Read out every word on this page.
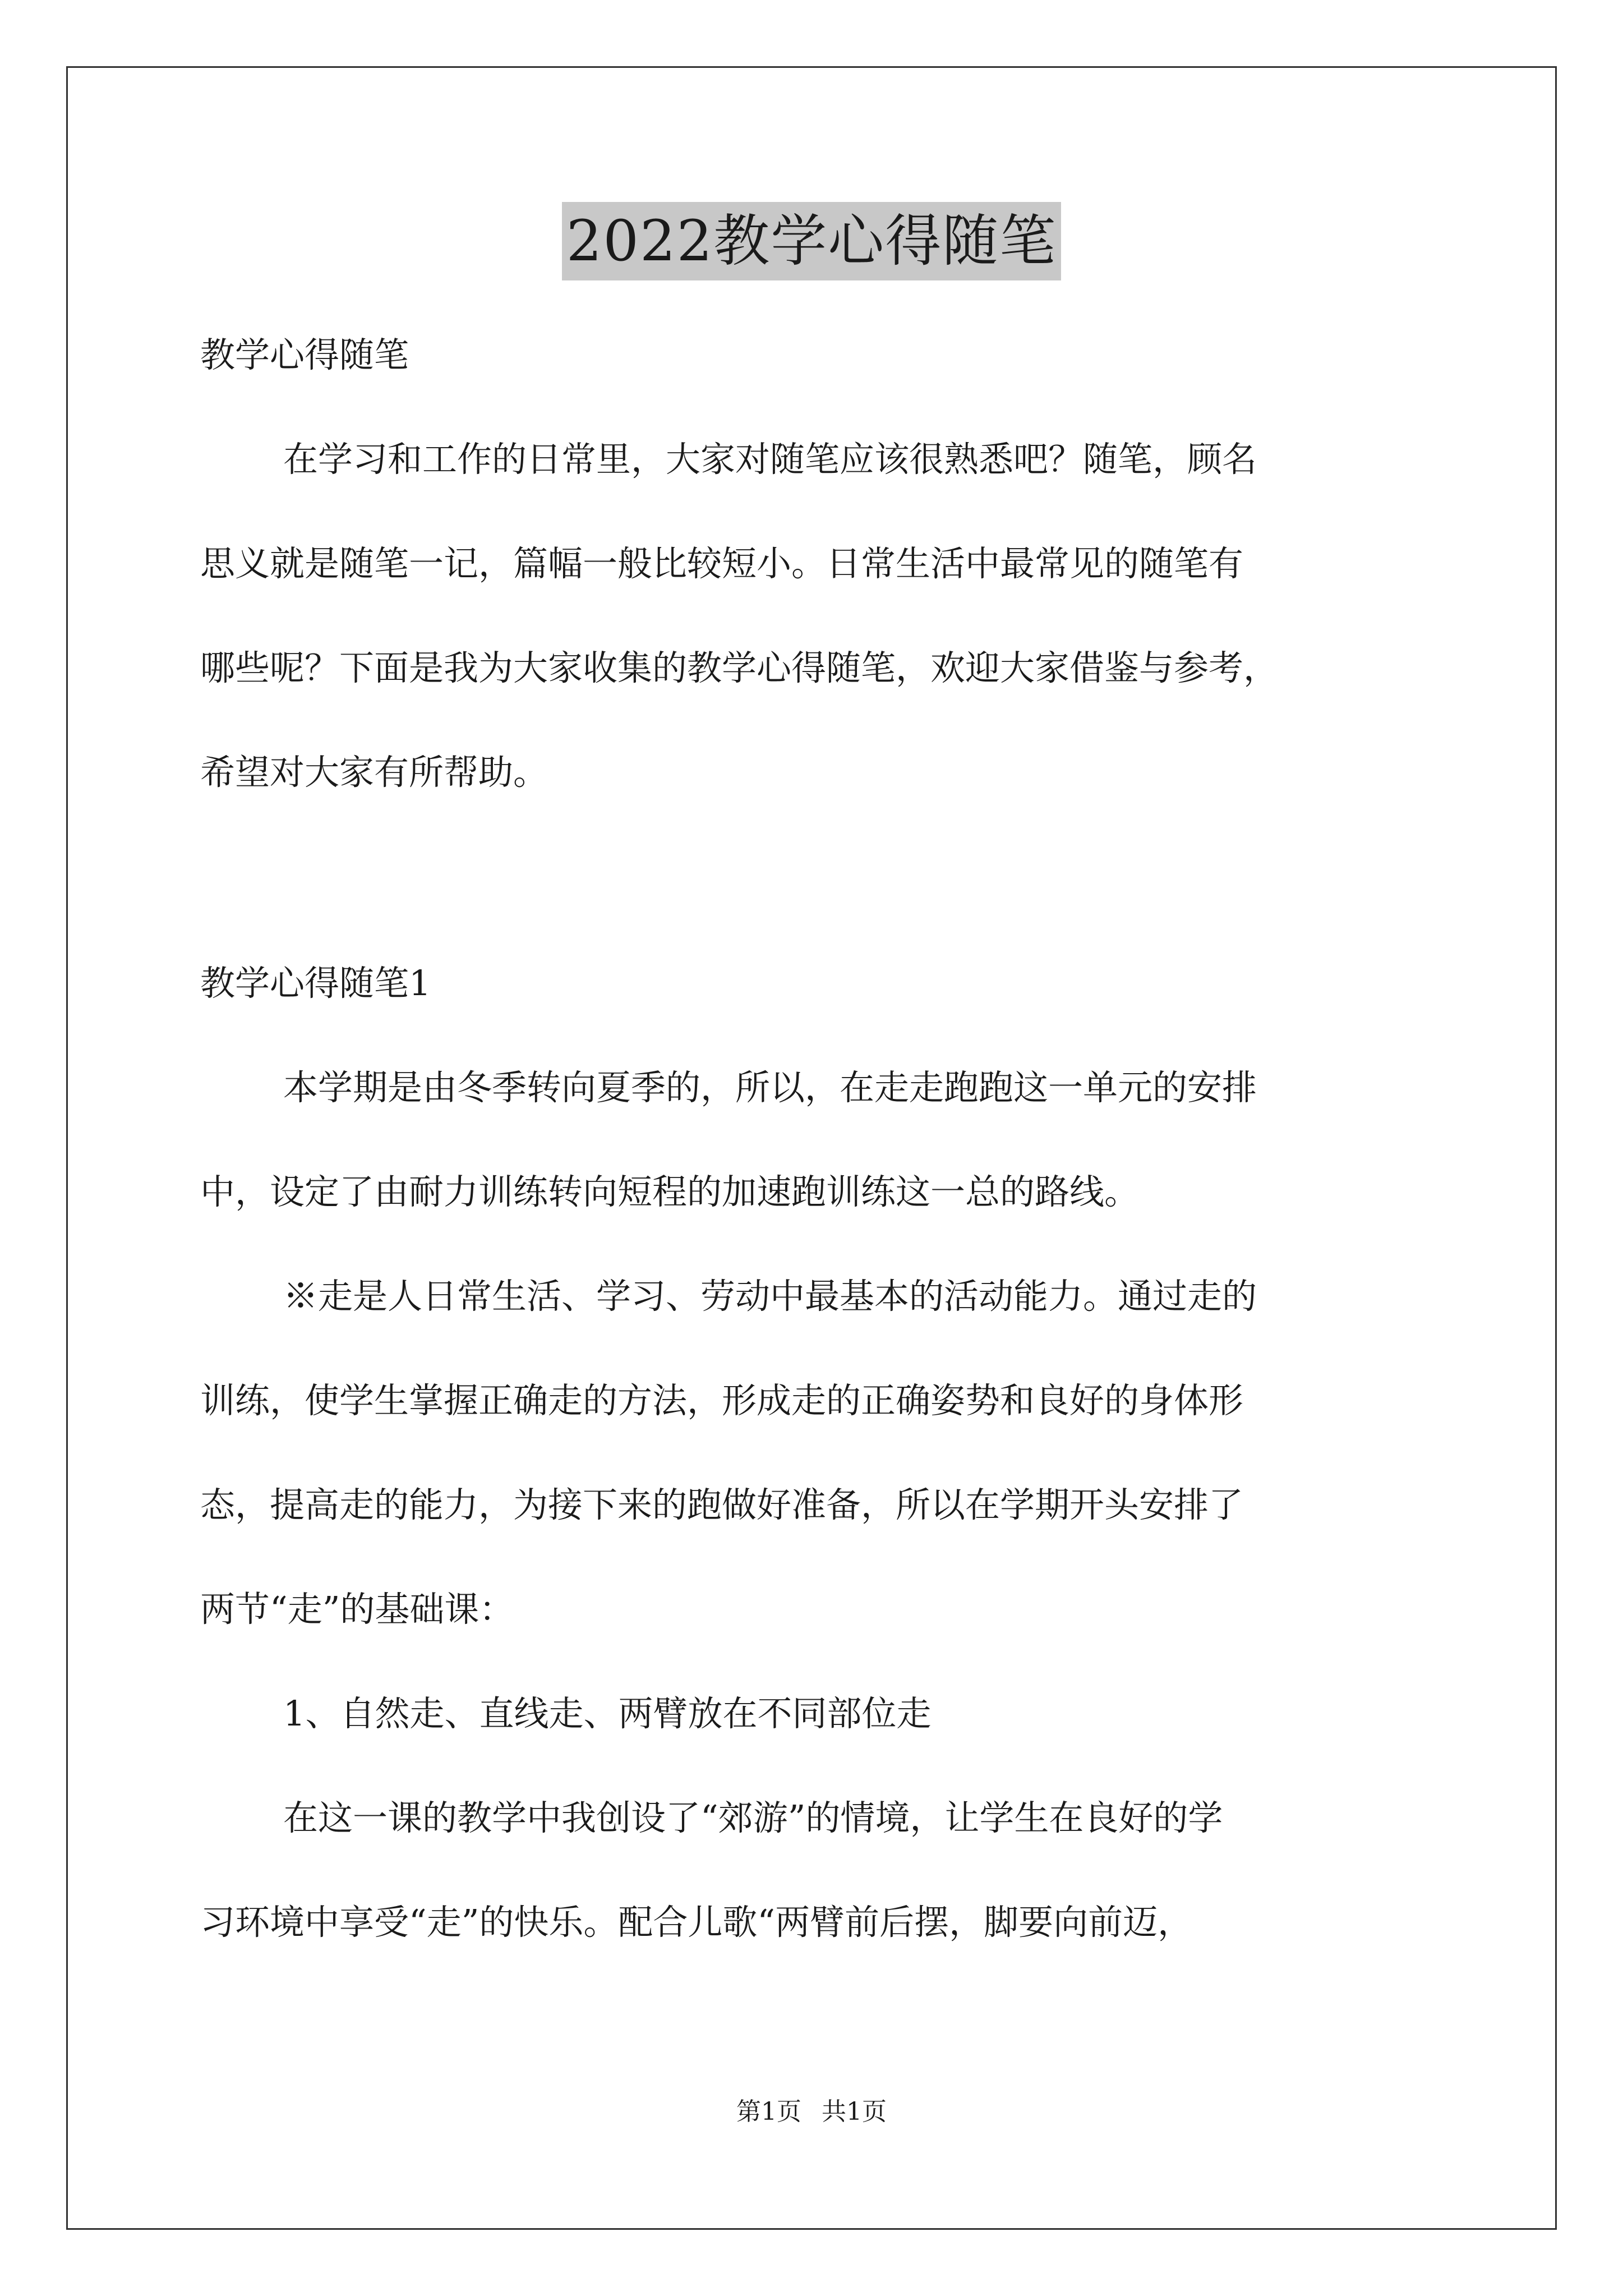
2022教学心得随笔
教学心得随笔
在学习和工作的日常里，大家对随笔应该很熟悉吧？随笔，顾名
思义就是随笔一记，篇幅一般比较短小。日常生活中最常见的随笔有
哪些呢？下面是我为大家收集的教学心得随笔，欢迎大家借鉴与参考，
希望对大家有所帮助。
教学心得随笔1
本学期是由冬季转向夏季的，所以，在走走跑跑这一单元的安排
中，设定了由耐力训练转向短程的加速跑训练这一总的路线。
※走是人日常生活、学习、劳动中最基本的活动能力。通过走的
训练，使学生掌握正确走的方法，形成走的正确姿势和良好的身体形
态，提高走的能力，为接下来的跑做好准备，所以在学期开头安排了
两节“走”的基础课：
1、自然走、直线走、两臂放在不同部位走
在这一课的教学中我创设了“郊游”的情境，让学生在良好的学
习环境中享受“走”的快乐。配合儿歌“两臂前后摆，脚要向前迈，
第1页 共1页
